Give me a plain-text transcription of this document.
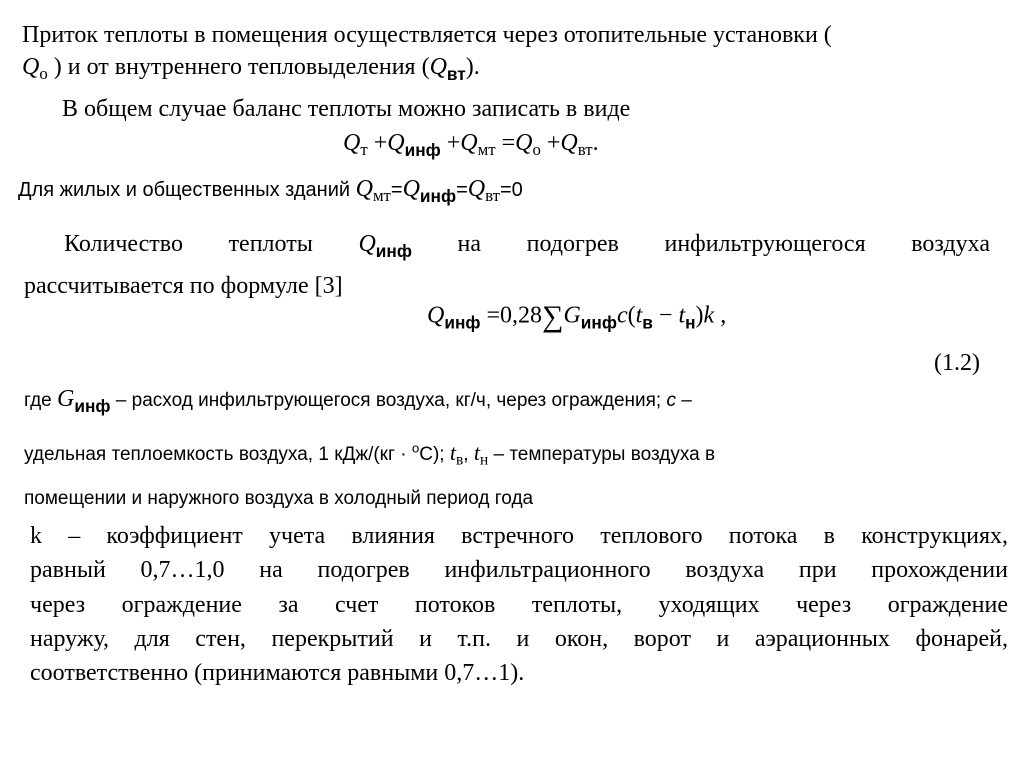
Приток теплоты в помещения осуществляется через отопительные установки (
$Q_о$ ) и от внутреннего тепловыделения $(Q_{вт})$.
В общем случае баланс теплоты можно записать в виде
$Q_т +Q_{инф} +Q_{мт} =Q_о +Q_{вт}$.
Для жилых и общественных зданий $Q_{мт}=Q_{инф}=Q_{вт}=0$
Количество теплоты $Q_{инф}$ на подогрев инфильтрующегося воздуха
рассчитывается по формуле [3]
$Q_{инф} =0,28\sum G_{инф}c(t_в - t_н)k$ ,
(1.2)
где $G_{инф}$ – расход инфильтрующегося воздуха, кг/ч, через ограждения; с –
удельная теплоемкость воздуха, 1 кДж/(кг · $^o$С); $t_в$, $t_н$ – температуры воздуха в
помещении и наружного воздуха в холодный период года
k – коэффициент учета влияния встречного теплового потока в конструкциях,
равный 0,7…1,0 на подогрев инфильтрационного воздуха при прохождении
через ограждение за счет потоков теплоты, уходящих через ограждение
наружу, для стен, перекрытий и т.п. и окон, ворот и аэрационных фонарей,
соответственно (принимаются равными 0,7…1).
